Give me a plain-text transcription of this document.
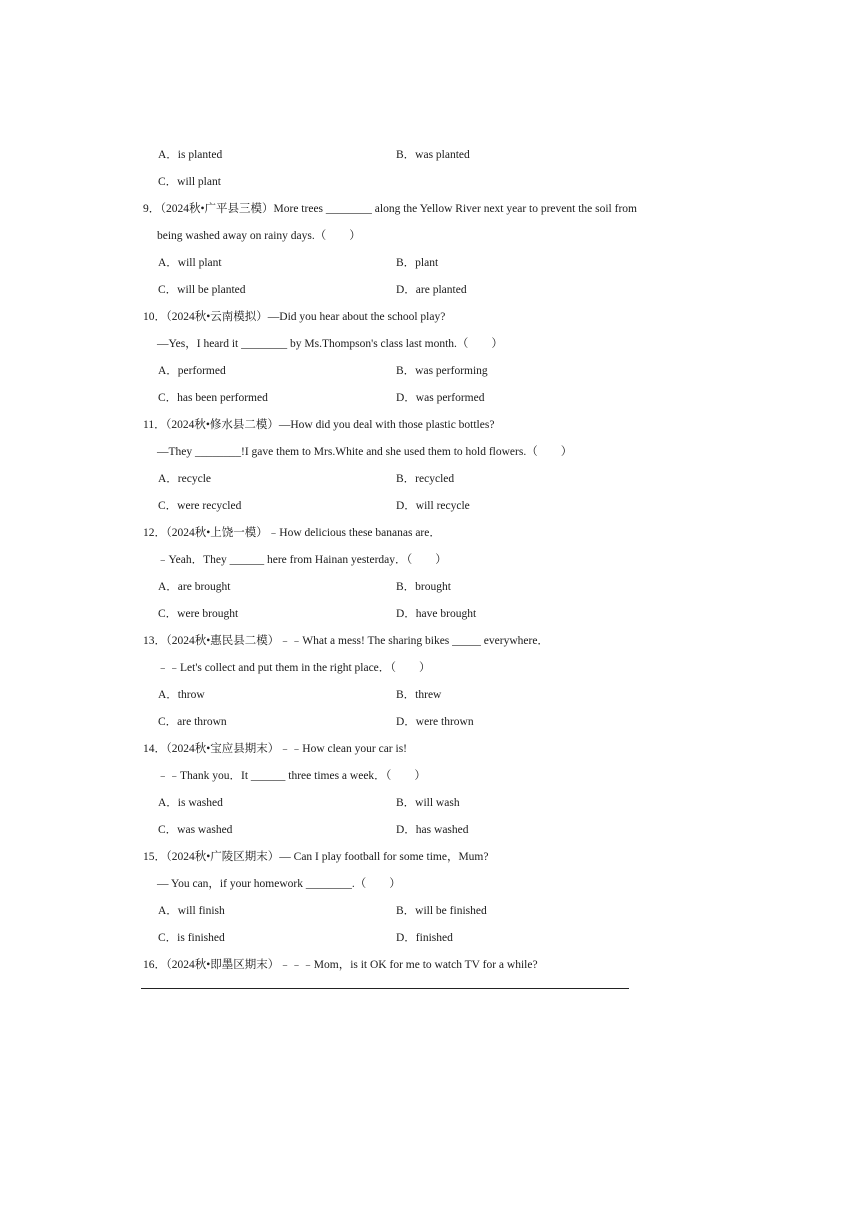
A．is planted	B．was planted
C．will plant
9．（2024秋•广平县三模）More trees ________ along the Yellow River next year to prevent the soil from
being washed away on rainy days.（　　）
A．will plant	B．plant
C．will be planted	D．are planted
10．（2024秋•云南模拟）—Did you hear about the school play?
—Yes，I heard it ________ by Ms.Thompson's class last month.（　　）
A．performed	B．was performing
C．has been performed	D．was performed
11．（2024秋•修水县二模）—How did you deal with those plastic bottles?
—They ________!I gave them to Mrs.White and she used them to hold flowers.（　　）
A．recycle	B．recycled
C．were recycled	D．will recycle
12．（2024秋•上饶一模）﹣How delicious these bananas are．
﹣Yeah．They ______ here from Hainan yesterday．（　　）
A．are brought	B．brought
C．were brought	D．have brought
13．（2024秋•惠民县二模）﹣﹣What a mess! The sharing bikes _____ everywhere．
﹣﹣Let's collect and put them in the right place．（　　）
A．throw	B．threw
C．are thrown	D．were thrown
14．（2024秋•宝应县期末）﹣﹣How clean your car is!
﹣﹣Thank you．It ______ three times a week．（　　）
A．is washed	B．will wash
C．was washed	D．has washed
15．（2024秋•广陵区期末）— Can I play football for some time，Mum?
— You can，if your homework ________.（　　）
A．will finish	B．will be finished
C．is finished	D．finished
16．（2024秋•即墨区期末）﹣﹣﹣Mom，is it OK for me to watch TV for a while?
